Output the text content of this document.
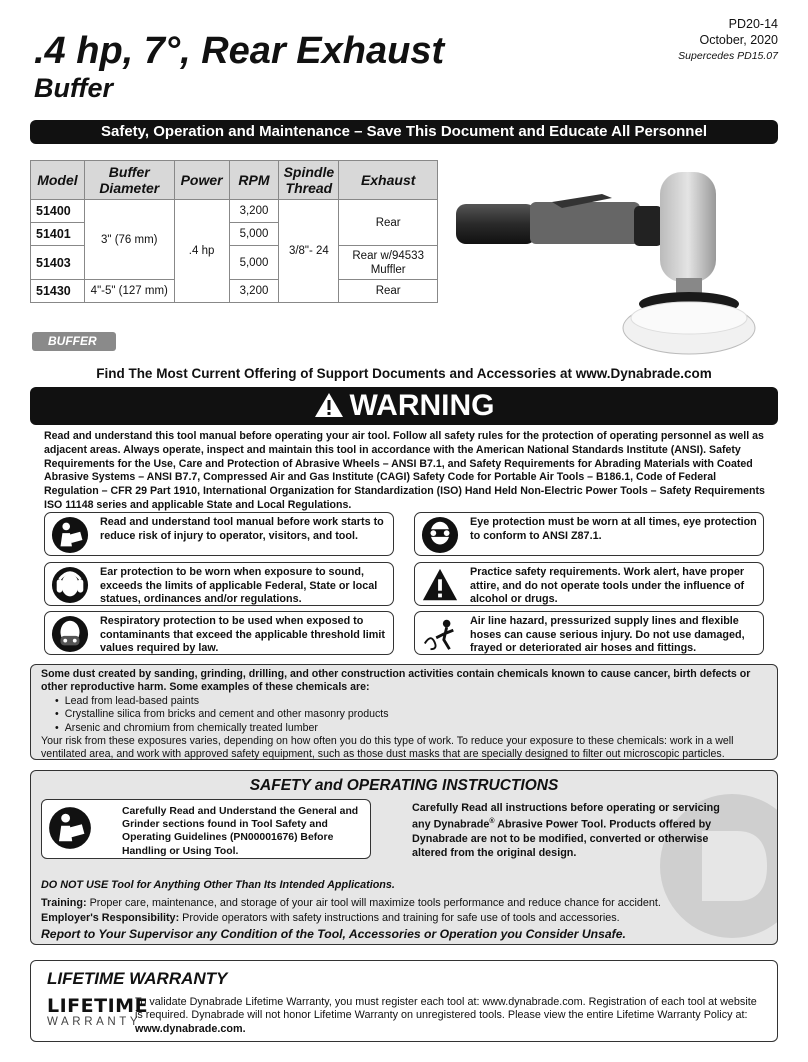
PD20-14
October, 2020
Supercedes PD15.07
.4 hp, 7°, Rear Exhaust
Buffer
Safety, Operation and Maintenance – Save This Document and Educate All Personnel
Model	Buffer Diameter	Power	RPM	Spindle Thread	Exhaust
51400	3" (76 mm)	.4 hp	3,200	3/8"- 24	Rear
51401			5,000		
51403			5,000		Rear w/94533 Muffler
51430	4"-5" (127 mm)		3,200		Rear
BUFFER
Find The Most Current Offering of Support Documents and Accessories at www.Dynabrade.com
WARNING
Read and understand this tool manual before operating your air tool. Follow all safety rules for the protection of operating personnel as well as adjacent areas. Always operate, inspect and maintain this tool in accordance with the American National Standards Institute (ANSI). Safety Requirements for the Use, Care and Protection of Abrasive Wheels – ANSI B7.1, and Safety Requirements for Abrading Materials with Coated Abrasive Systems – ANSI B7.7, Compressed Air and Gas Institute (CAGI) Safety Code for Portable Air Tools – B186.1, Code of Federal Regulation – CFR 29 Part 1910, International Organization for Standardization (ISO) Hand Held Non-Electric Power Tools – Safety Requirements ISO 11148 series and applicable State and Local Regulations.
Read and understand tool manual before work starts to reduce risk of injury to operator, visitors, and tool.
Eye protection must be worn at all times, eye protection to conform to ANSI Z87.1.
Ear protection to be worn when exposure to sound, exceeds the limits of applicable Federal, State or local statues, ordinances and/or regulations.
Practice safety requirements. Work alert, have proper attire, and do not operate tools under the influence of alcohol or drugs.
Respiratory protection to be used when exposed to contaminants that exceed the applicable threshold limit values required by law.
Air line hazard, pressurized supply lines and flexible hoses can cause serious injury. Do not use damaged, frayed or deteriorated air hoses and fittings.
Some dust created by sanding, grinding, drilling, and other construction activities contain chemicals known to cause cancer, birth defects or other reproductive harm. Some examples of these chemicals are:
• Lead from lead-based paints
• Crystalline silica from bricks and cement and other masonry products
• Arsenic and chromium from chemically treated lumber
Your risk from these exposures varies, depending on how often you do this type of work. To reduce your exposure to these chemicals: work in a well ventilated area, and work with approved safety equipment, such as those dust masks that are specially designed to filter out microscopic particles.
SAFETY and OPERATING INSTRUCTIONS
Carefully Read and Understand the General and Grinder sections found in Tool Safety and Operating Guidelines (PN00001676) Before Handling or Using Tool.
Carefully Read all instructions before operating or servicing any Dynabrade® Abrasive Power Tool. Products offered by Dynabrade are not to be modified, converted or otherwise altered from the original design.
DO NOT USE Tool for Anything Other Than Its Intended Applications.
Training: Proper care, maintenance, and storage of your air tool will maximize tools performance and reduce chance for accident.
Employer's Responsibility: Provide operators with safety instructions and training for safe use of tools and accessories.
Report to Your Supervisor any Condition of the Tool, Accessories or Operation you Consider Unsafe.
LIFETIME WARRANTY
LIFETIME
WARRANTY
To validate Dynabrade Lifetime Warranty, you must register each tool at: www.dynabrade.com. Registration of each tool at website is required. Dynabrade will not honor Lifetime Warranty on unregistered tools. Please view the entire Lifetime Warranty Policy at: www.dynabrade.com.
